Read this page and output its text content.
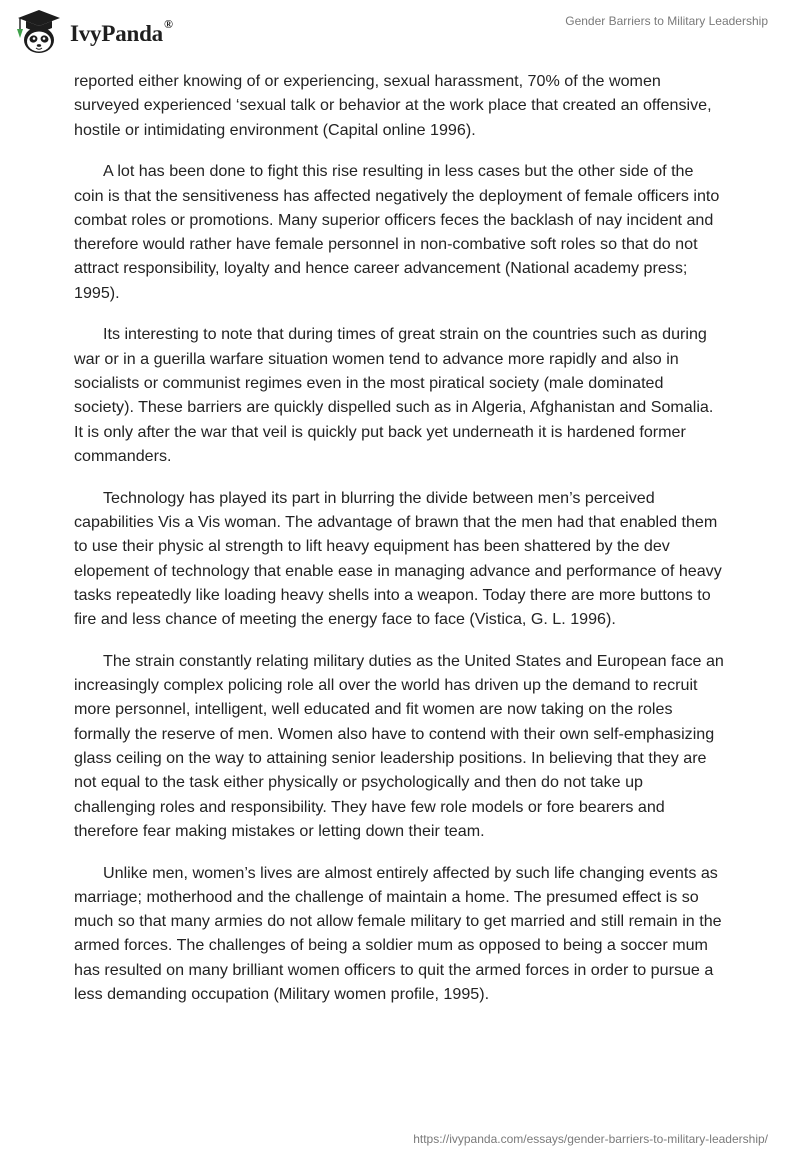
IvyPanda®	Gender Barriers to Military Leadership

reported either knowing of or experiencing, sexual harassment, 70% of the women surveyed experienced ‘sexual talk or behavior at the work place that created an offensive, hostile or intimidating environment (Capital online 1996).

A lot has been done to fight this rise resulting in less cases but the other side of the coin is that the sensitiveness has affected negatively the deployment of female officers into combat roles or promotions. Many superior officers feces the backlash of nay incident and therefore would rather have female personnel in non-combative soft roles so that do not attract responsibility, loyalty and hence career advancement (National academy press; 1995).

Its interesting to note that during times of great strain on the countries such as during war or in a guerilla warfare situation women tend to advance more rapidly and also in socialists or communist regimes even in the most piratical society (male dominated society). These barriers are quickly dispelled such as in Algeria, Afghanistan and Somalia. It is only after the war that veil is quickly put back yet underneath it is hardened former commanders.

Technology has played its part in blurring the divide between men’s perceived capabilities Vis a Vis woman. The advantage of brawn that the men had that enabled them to use their physic al strength to lift heavy equipment has been shattered by the dev elopement of technology that enable ease in managing advance and performance of heavy tasks repeatedly like loading heavy shells into a weapon. Today there are more buttons to fire and less chance of meeting the energy face to face (Vistica, G. L. 1996).

The strain constantly relating military duties as the United States and European face an increasingly complex policing role all over the world has driven up the demand to recruit more personnel, intelligent, well educated and fit women are now taking on the roles formally the reserve of men. Women also have to contend with their own self-emphasizing glass ceiling on the way to attaining senior leadership positions. In believing that they are not equal to the task either physically or psychologically and then do not take up challenging roles and responsibility. They have few role models or fore bearers and therefore fear making mistakes or letting down their team.

Unlike men, women’s lives are almost entirely affected by such life changing events as marriage; motherhood and the challenge of maintain a home. The presumed effect is so much so that many armies do not allow female military to get married and still remain in the armed forces. The challenges of being a soldier mum as opposed to being a soccer mum has resulted on many brilliant women officers to quit the armed forces in order to pursue a less demanding occupation (Military women profile, 1995).

https://ivypanda.com/essays/gender-barriers-to-military-leadership/
